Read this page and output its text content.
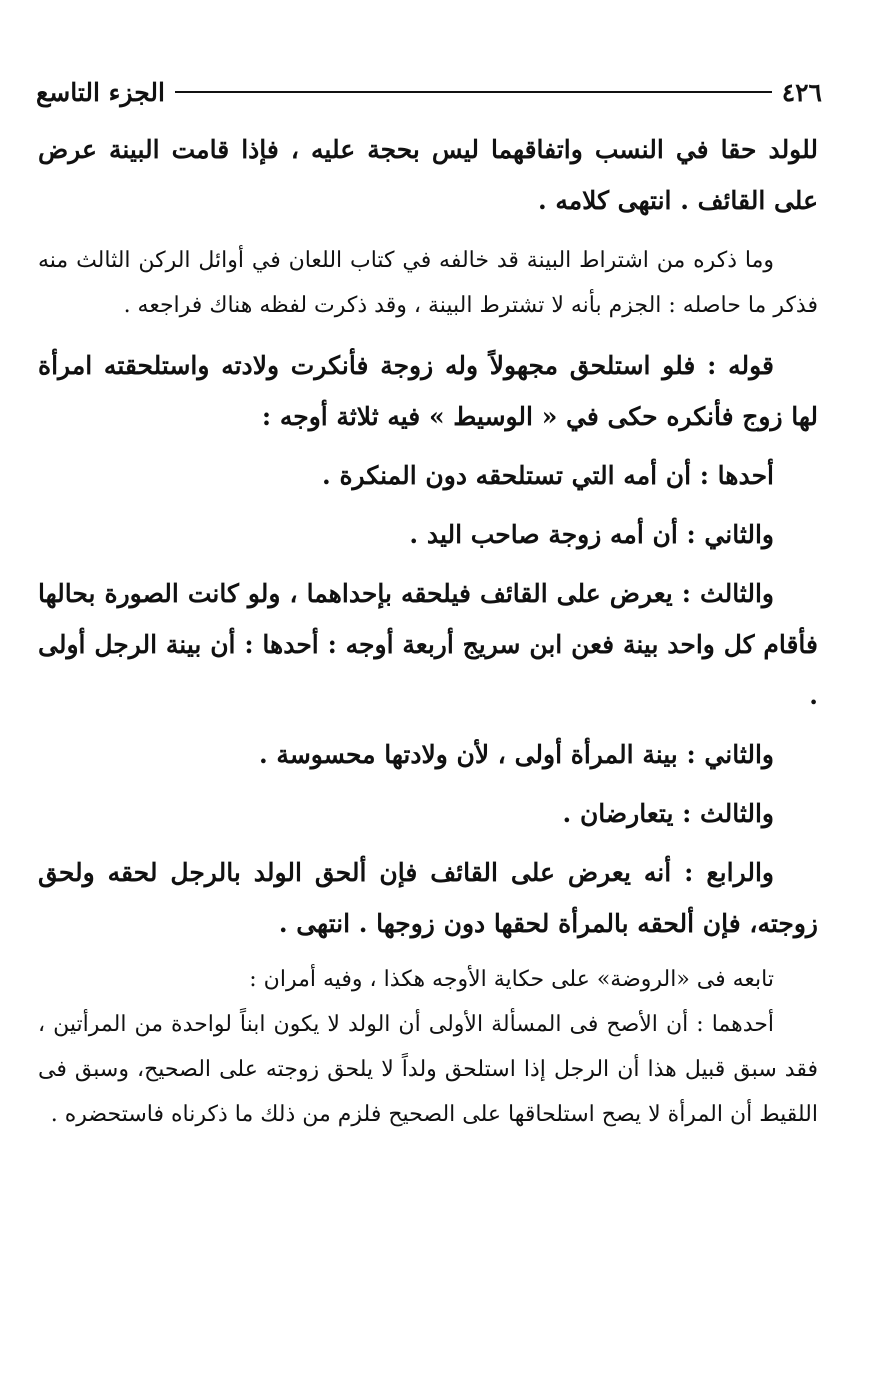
٤٢٦
الجزء التاسع

للولد حقا في النسب واتفاقهما ليس بحجة عليه ، فإذا قامت البينة عرض على القائف . انتهى كلامه .

وما ذكره من اشتراط البينة قد خالفه في كتاب اللعان في أوائل الركن الثالث منه فذكر ما حاصله : الجزم بأنه لا تشترط البينة ، وقد ذكرت لفظه هناك فراجعه .

قوله : فلو استلحق مجهولاً وله زوجة فأنكرت ولادته واستلحقته امرأة لها زوج فأنكره حكى في « الوسيط » فيه ثلاثة أوجه :

أحدها : أن أمه التي تستلحقه دون المنكرة .

والثاني : أن أمه زوجة صاحب اليد .

والثالث : يعرض على القائف فيلحقه بإحداهما ، ولو كانت الصورة بحالها فأقام كل واحد بينة فعن ابن سريج أربعة أوجه : أحدها : أن بينة الرجل أولى .

والثاني : بينة المرأة أولى ، لأن ولادتها محسوسة .

والثالث : يتعارضان .

والرابع : أنه يعرض على القائف فإن ألحق الولد بالرجل لحقه ولحق زوجته، فإن ألحقه بالمرأة لحقها دون زوجها . انتهى .

تابعه فى «الروضة» على حكاية الأوجه هكذا ، وفيه أمران :

أحدهما : أن الأصح فى المسألة الأولى أن الولد لا يكون ابناً لواحدة من المرأتين ، فقد سبق قبيل هذا أن الرجل إذا استلحق ولداً لا يلحق زوجته على الصحيح، وسبق فى اللقيط أن المرأة لا يصح استلحاقها على الصحيح فلزم من ذلك ما ذكرناه فاستحضره .
